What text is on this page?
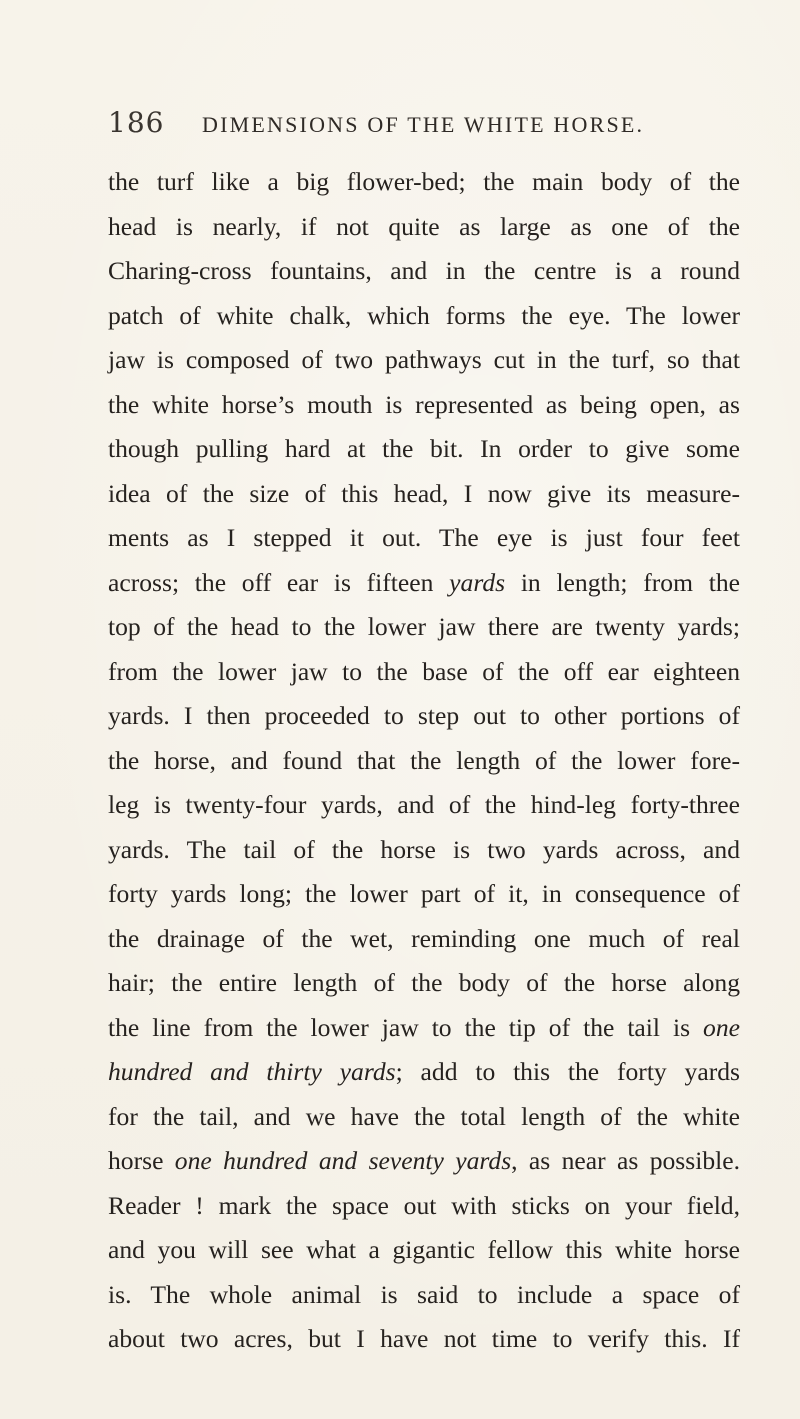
186 DIMENSIONS OF THE WHITE HORSE.
the turf like a big flower-bed; the main body of the
head is nearly, if not quite as large as one of the
Charing-cross fountains, and in the centre is a round
patch of white chalk, which forms the eye. The lower
jaw is composed of two pathways cut in the turf, so that
the white horse’s mouth is represented as being open, as
though pulling hard at the bit. In order to give some
idea of the size of this head, I now give its measure-
ments as I stepped it out. The eye is just four feet
across; the off ear is fifteen yards in length; from the
top of the head to the lower jaw there are twenty yards;
from the lower jaw to the base of the off ear eighteen
yards. I then proceeded to step out to other portions of
the horse, and found that the length of the lower fore-
leg is twenty-four yards, and of the hind-leg forty-three
yards. The tail of the horse is two yards across, and
forty yards long; the lower part of it, in consequence of
the drainage of the wet, reminding one much of real
hair; the entire length of the body of the horse along
the line from the lower jaw to the tip of the tail is one
hundred and thirty yards; add to this the forty yards
for the tail, and we have the total length of the white
horse one hundred and seventy yards, as near as possible.
Reader ! mark the space out with sticks on your field,
and you will see what a gigantic fellow this white horse
is. The whole animal is said to include a space of
about two acres, but I have not time to verify this. If
